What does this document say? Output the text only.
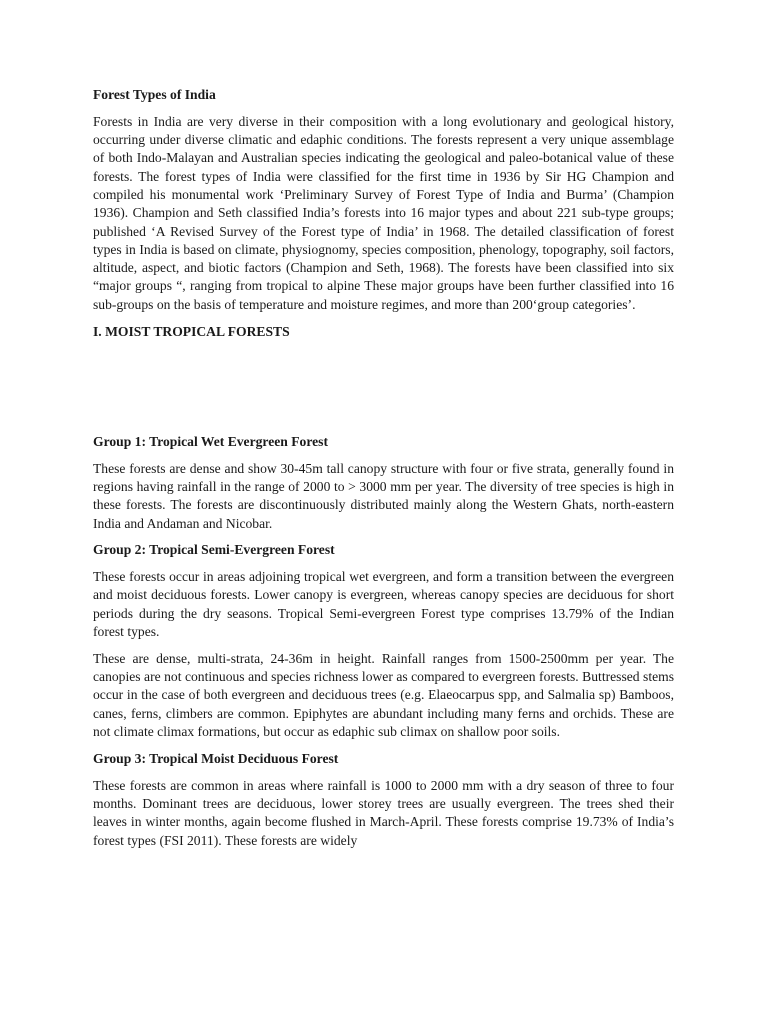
Forest Types of India

Forests in India are very diverse in their composition with a long evolutionary and geological history, occurring under diverse climatic and edaphic conditions. The forests represent a very unique assemblage of both Indo-Malayan and Australian species indicating the geological and paleo-botanical value of these forests. The forest types of India were classified for the first time in 1936 by Sir HG Champion and compiled his monumental work ‘Preliminary Survey of Forest Type of India and Burma’ (Champion 1936). Champion and Seth classified India’s forests into 16 major types and about 221 sub-type groups; published ‘A Revised Survey of the Forest type of India’ in 1968. The detailed classification of forest types in India is based on climate, physiognomy, species composition, phenology, topography, soil factors, altitude, aspect, and biotic factors (Champion and Seth, 1968). The forests have been classified into six “major groups “, ranging from tropical to alpine These major groups have been further classified into 16 sub-groups on the basis of temperature and moisture regimes, and more than 200‘group categories’.

I. MOIST TROPICAL FORESTS
Group 1: Tropical Wet Evergreen Forest

These forests are dense and show 30-45m tall canopy structure with four or five strata, generally found in regions having rainfall in the range of 2000 to > 3000 mm per year. The diversity of tree species is high in these forests. The forests are discontinuously distributed mainly along the Western Ghats, north-eastern India and Andaman and Nicobar.

Group 2: Tropical Semi-Evergreen Forest

These forests occur in areas adjoining tropical wet evergreen, and form a transition between the evergreen and moist deciduous forests. Lower canopy is evergreen, whereas canopy species are deciduous for short periods during the dry seasons. Tropical Semi-evergreen Forest type comprises 13.79% of the Indian forest types.

These are dense, multi-strata, 24-36m in height. Rainfall ranges from 1500-2500mm per year. The canopies are not continuous and species richness lower as compared to evergreen forests. Buttressed stems occur in the case of both evergreen and deciduous trees (e.g. Elaeocarpus spp, and Salmalia sp) Bamboos, canes, ferns, climbers are common. Epiphytes are abundant including many ferns and orchids. These are not climate climax formations, but occur as edaphic sub climax on shallow poor soils.

Group 3: Tropical Moist Deciduous Forest

These forests are common in areas where rainfall is 1000 to 2000 mm with a dry season of three to four months. Dominant trees are deciduous, lower storey trees are usually evergreen. The trees shed their leaves in winter months, again become flushed in March-April. These forests comprise 19.73% of India’s forest types (FSI 2011). These forests are widely
